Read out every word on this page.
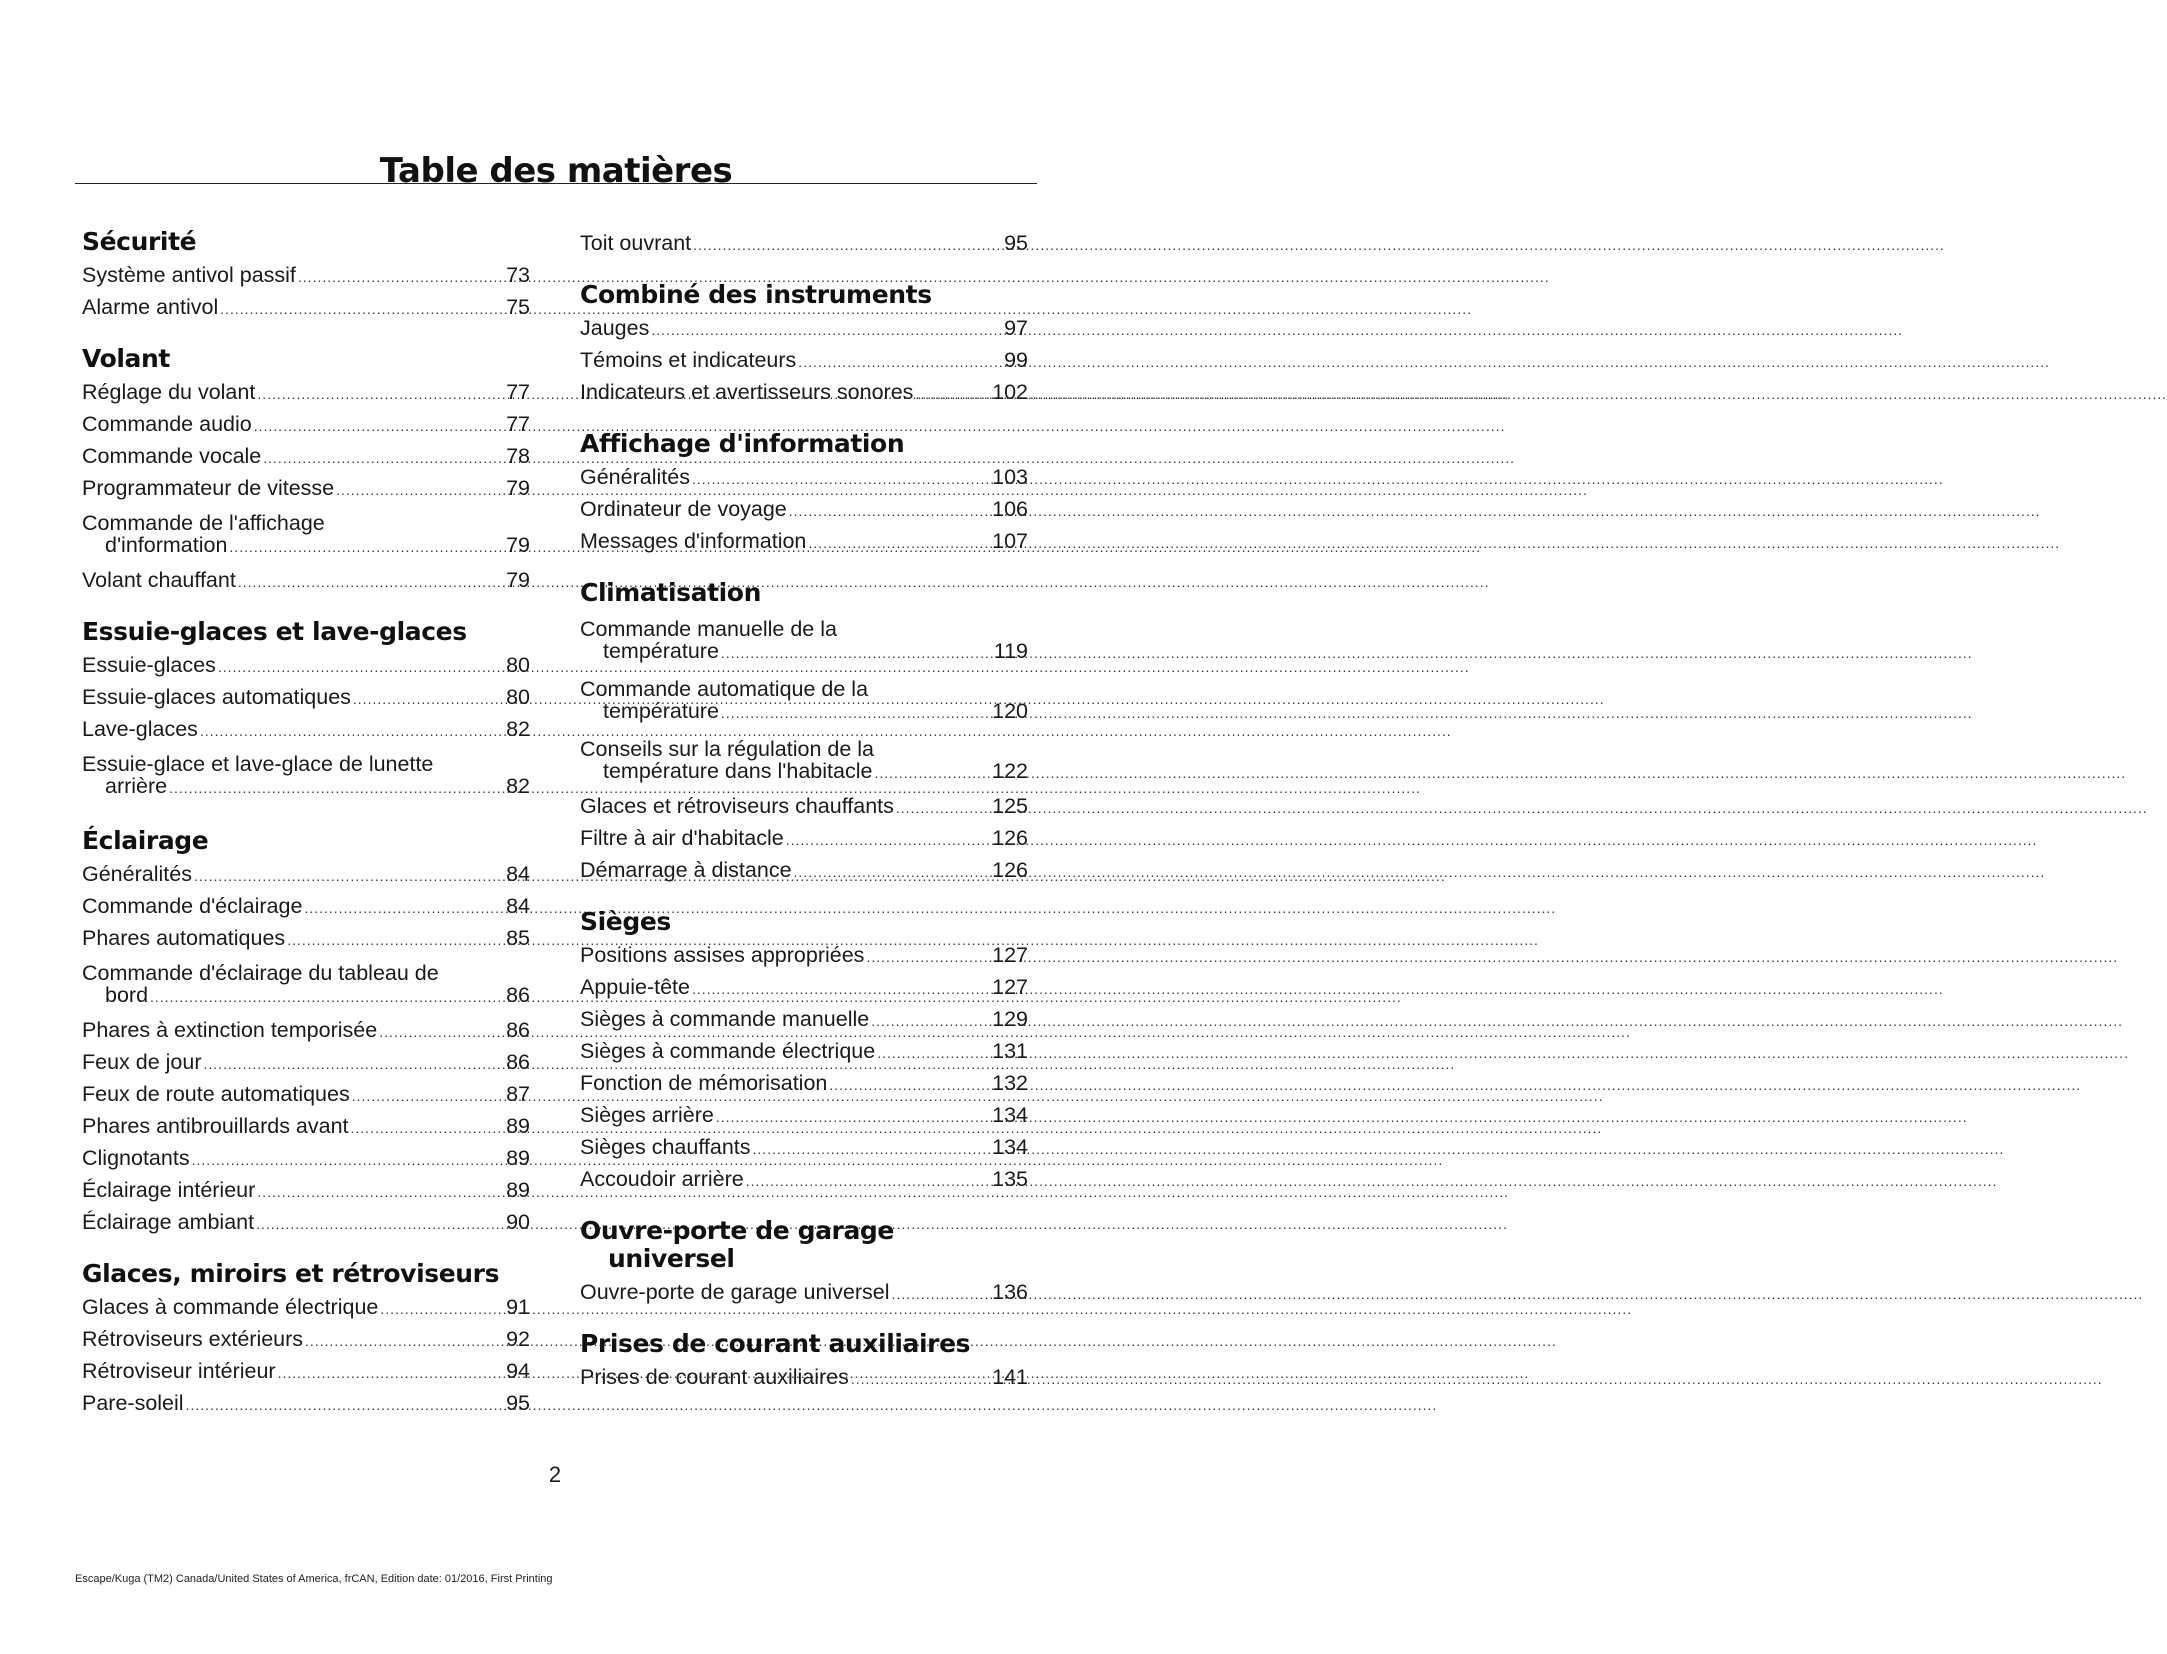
Table des matières
Sécurité
Système antivol passif .....	73
Alarme antivol .....	75
Volant
Réglage du volant .....	77
Commande audio .....	77
Commande vocale .....	78
Programmateur de vitesse .....	79
Commande de l'affichage
d'information .....	79
Volant chauffant .....	79
Essuie-glaces et lave-glaces
Essuie-glaces .....	80
Essuie-glaces automatiques .....	80
Lave-glaces .....	82
Essuie-glace et lave-glace de lunette
arrière .....	82
Éclairage
Généralités .....	84
Commande d'éclairage .....	84
Phares automatiques .....	85
Commande d'éclairage du tableau de
bord .....	86
Phares à extinction temporisée .....	86
Feux de jour .....	86
Feux de route automatiques .....	87
Phares antibrouillards avant .....	89
Clignotants .....	89
Éclairage intérieur .....	89
Éclairage ambiant .....	90
Glaces, miroirs et rétroviseurs
Glaces à commande électrique .....	91
Rétroviseurs extérieurs .....	92
Rétroviseur intérieur .....	94
Pare-soleil .....	95
Toit ouvrant .....	95
Combiné des instruments
Jauges .....	97
Témoins et indicateurs .....	99
Indicateurs et avertisseurs sonores .....	102
Affichage d'information
Généralités .....	103
Ordinateur de voyage .....	106
Messages d'information .....	107
Climatisation
Commande manuelle de la
température .....	119
Commande automatique de la
température .....	120
Conseils sur la régulation de la
température dans l'habitacle .....	122
Glaces et rétroviseurs chauffants .....	125
Filtre à air d'habitacle .....	126
Démarrage à distance .....	126
Sièges
Positions assises appropriées .....	127
Appuie-tête .....	127
Sièges à commande manuelle .....	129
Sièges à commande électrique .....	131
Fonction de mémorisation .....	132
Sièges arrière .....	134
Sièges chauffants .....	134
Accoudoir arrière .....	135
Ouvre-porte de garage universel
Ouvre-porte de garage universel .....	136
Prises de courant auxiliaires
Prises de courant auxiliaires .....	141
2
Escape/Kuga (TM2) Canada/United States of America, frCAN, Edition date: 01/2016, First Printing
